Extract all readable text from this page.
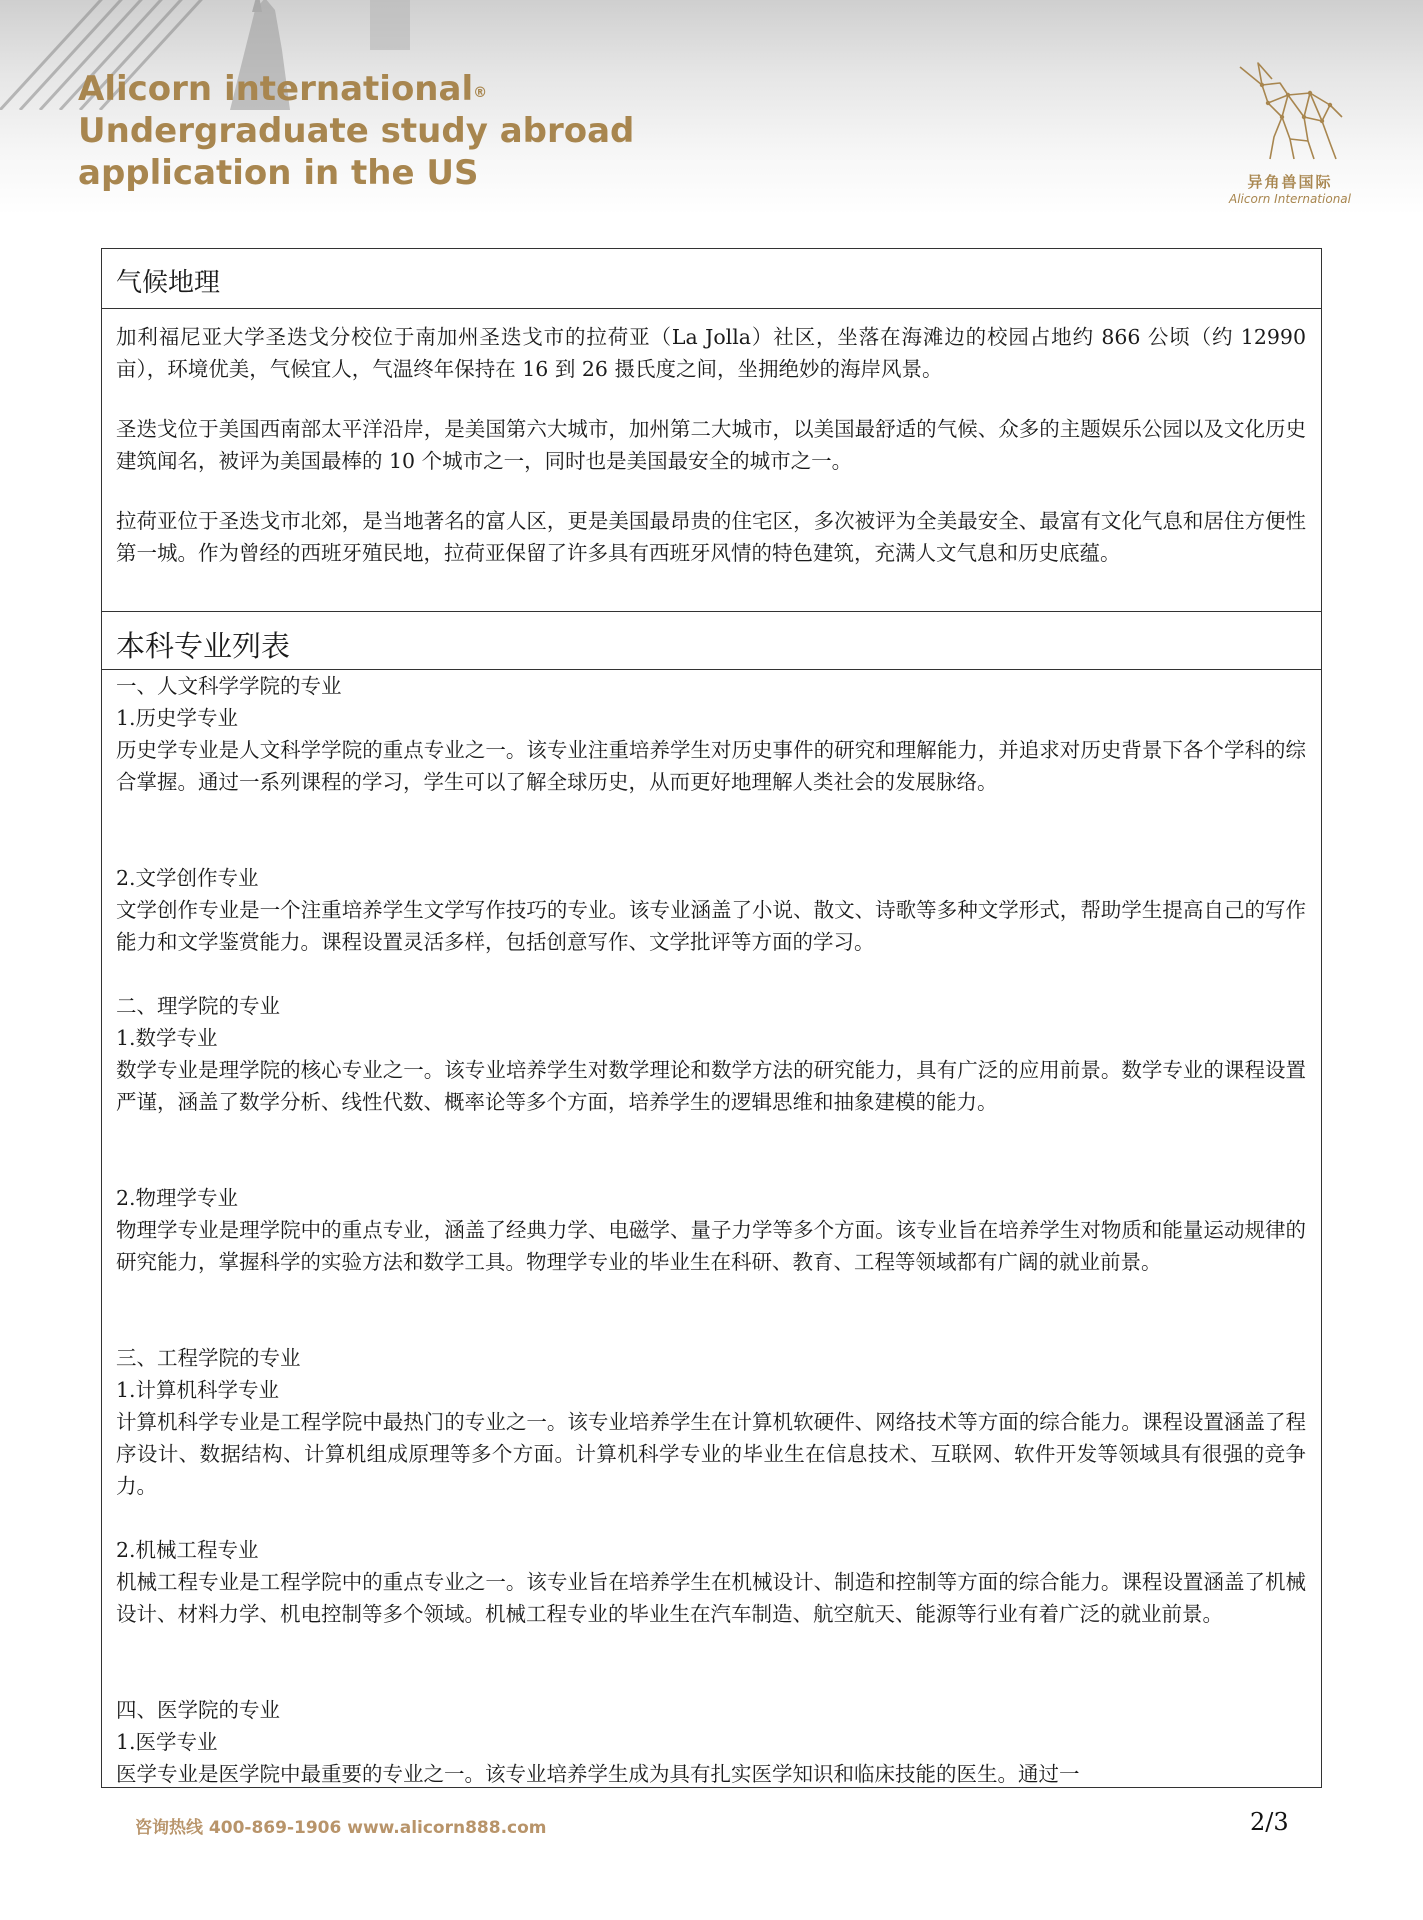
Alicorn international®
Undergraduate study abroad
application in the US	异角兽国际
Alicorn International
气候地理

加利福尼亚大学圣迭戈分校位于南加州圣迭戈市的拉荷亚（La Jolla）社区，坐落在海滩边的校园占地约 866 公顷（约 12990 亩），环境优美，气候宜人，气温终年保持在 16 到 26 摄氏度之间，坐拥绝妙的海岸风景。

圣迭戈位于美国西南部太平洋沿岸，是美国第六大城市，加州第二大城市，以美国最舒适的气候、众多的主题娱乐公园以及文化历史建筑闻名，被评为美国最棒的 10 个城市之一，同时也是美国最安全的城市之一。

拉荷亚位于圣迭戈市北郊，是当地著名的富人区，更是美国最昂贵的住宅区，多次被评为全美最安全、最富有文化气息和居住方便性第一城。作为曾经的西班牙殖民地，拉荷亚保留了许多具有西班牙风情的特色建筑，充满人文气息和历史底蕴。

本科专业列表

一、人文科学学院的专业

1.历史学专业

历史学专业是人文科学学院的重点专业之一。该专业注重培养学生对历史事件的研究和理解能力，并追求对历史背景下各个学科的综合掌握。通过一系列课程的学习，学生可以了解全球历史，从而更好地理解人类社会的发展脉络。

2.文学创作专业

文学创作专业是一个注重培养学生文学写作技巧的专业。该专业涵盖了小说、散文、诗歌等多种文学形式，帮助学生提高自己的写作能力和文学鉴赏能力。课程设置灵活多样，包括创意写作、文学批评等方面的学习。

二、理学院的专业

1.数学专业

数学专业是理学院的核心专业之一。该专业培养学生对数学理论和数学方法的研究能力，具有广泛的应用前景。数学专业的课程设置严谨，涵盖了数学分析、线性代数、概率论等多个方面，培养学生的逻辑思维和抽象建模的能力。

2.物理学专业

物理学专业是理学院中的重点专业，涵盖了经典力学、电磁学、量子力学等多个方面。该专业旨在培养学生对物质和能量运动规律的研究能力，掌握科学的实验方法和数学工具。物理学专业的毕业生在科研、教育、工程等领域都有广阔的就业前景。

三、工程学院的专业

1.计算机科学专业

计算机科学专业是工程学院中最热门的专业之一。该专业培养学生在计算机软硬件、网络技术等方面的综合能力。课程设置涵盖了程序设计、数据结构、计算机组成原理等多个方面。计算机科学专业的毕业生在信息技术、互联网、软件开发等领域具有很强的竞争力。

2.机械工程专业

机械工程专业是工程学院中的重点专业之一。该专业旨在培养学生在机械设计、制造和控制等方面的综合能力。课程设置涵盖了机械设计、材料力学、机电控制等多个领域。机械工程专业的毕业生在汽车制造、航空航天、能源等行业有着广泛的就业前景。

四、医学院的专业

1.医学专业

医学专业是医学院中最重要的专业之一。该专业培养学生成为具有扎实医学知识和临床技能的医生。通过一

咨询热线 400-869-1906 www.alicorn888.com	2/3
